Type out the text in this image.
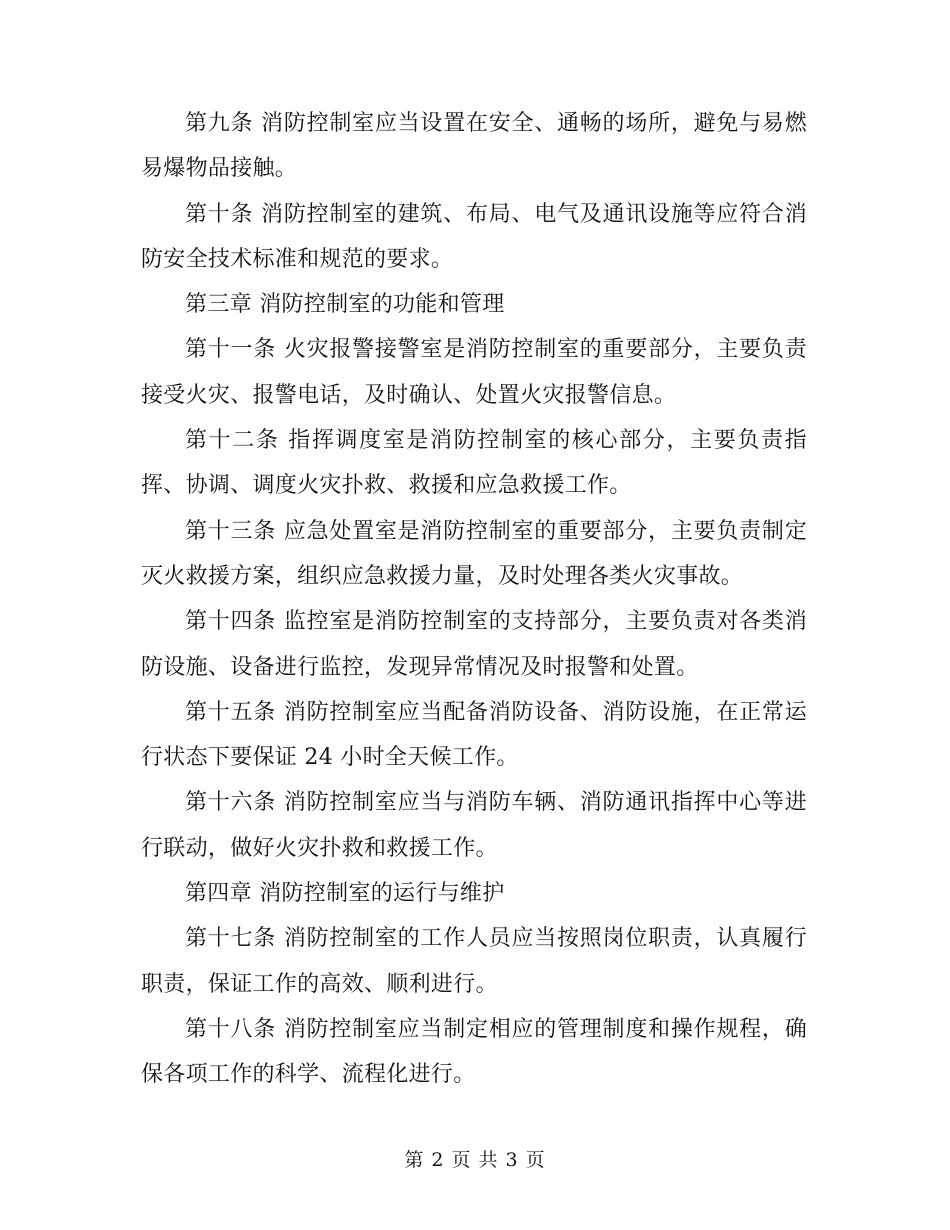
第九条 消防控制室应当设置在安全、通畅的场所，避免与易燃易爆物品接触。

第十条 消防控制室的建筑、布局、电气及通讯设施等应符合消防安全技术标准和规范的要求。

第三章 消防控制室的功能和管理

第十一条 火灾报警接警室是消防控制室的重要部分，主要负责接受火灾、报警电话，及时确认、处置火灾报警信息。

第十二条 指挥调度室是消防控制室的核心部分，主要负责指挥、协调、调度火灾扑救、救援和应急救援工作。

第十三条 应急处置室是消防控制室的重要部分，主要负责制定灭火救援方案，组织应急救援力量，及时处理各类火灾事故。

第十四条 监控室是消防控制室的支持部分，主要负责对各类消防设施、设备进行监控，发现异常情况及时报警和处置。

第十五条 消防控制室应当配备消防设备、消防设施，在正常运行状态下要保证 24 小时全天候工作。

第十六条 消防控制室应当与消防车辆、消防通讯指挥中心等进行联动，做好火灾扑救和救援工作。

第四章 消防控制室的运行与维护

第十七条 消防控制室的工作人员应当按照岗位职责，认真履行职责，保证工作的高效、顺利进行。

第十八条 消防控制室应当制定相应的管理制度和操作规程，确保各项工作的科学、流程化进行。

第 2 页 共 3 页
